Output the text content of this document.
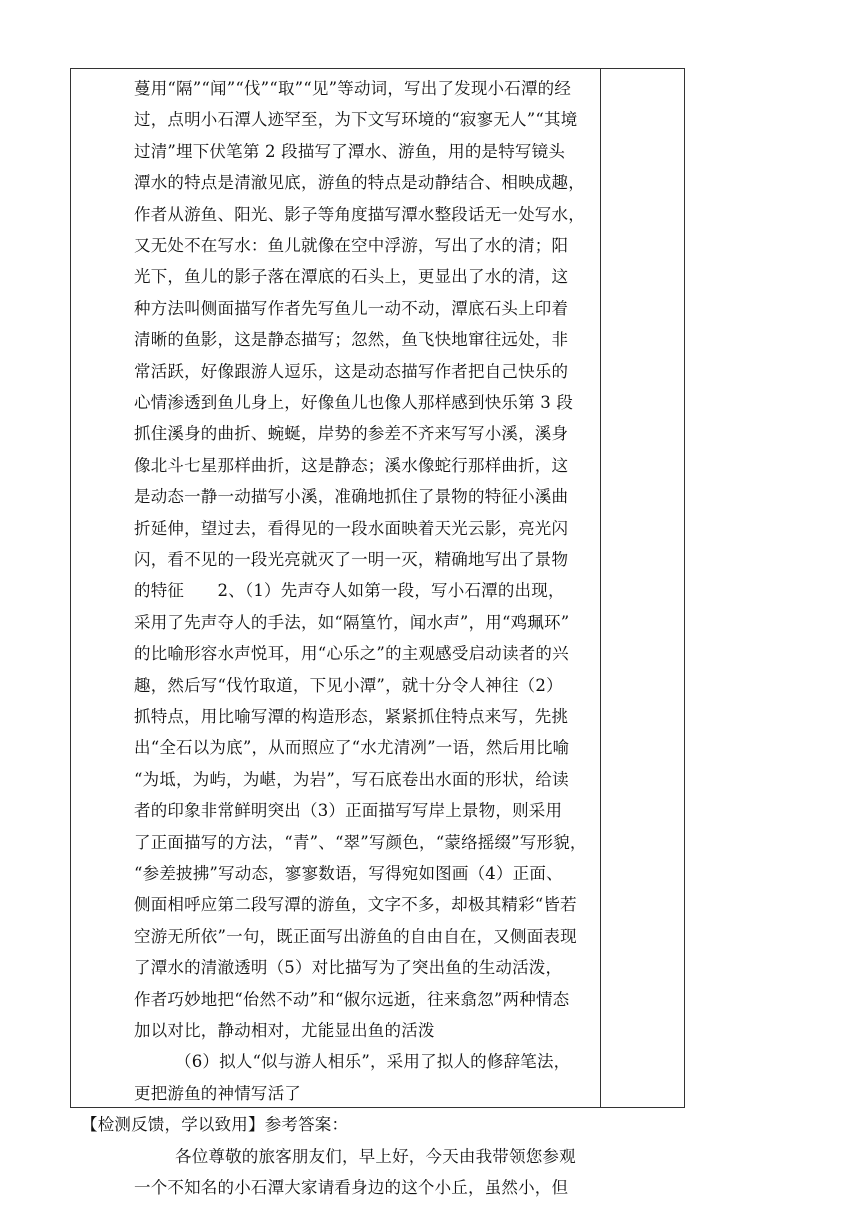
蔓用“隔”“闻”“伐”“取”“见”等动词，写出了发现小石潭的经
过，点明小石潭人迹罕至，为下文写环境的“寂寥无人”“其境
过清”埋下伏笔第 2 段描写了潭水、游鱼，用的是特写镜头
潭水的特点是清澈见底，游鱼的特点是动静结合、相映成趣，
作者从游鱼、阳光、影子等角度描写潭水整段话无一处写水，
又无处不在写水：鱼儿就像在空中浮游，写出了水的清；阳
光下，鱼儿的影子落在潭底的石头上，更显出了水的清，这
种方法叫侧面描写作者先写鱼儿一动不动，潭底石头上印着
清晰的鱼影，这是静态描写；忽然，鱼飞快地窜往远处，非
常活跃，好像跟游人逗乐，这是动态描写作者把自己快乐的
心情渗透到鱼儿身上，好像鱼儿也像人那样感到快乐第 3 段
抓住溪身的曲折、蜿蜒，岸势的参差不齐来写写小溪，溪身
像北斗七星那样曲折，这是静态；溪水像蛇行那样曲折，这
是动态一静一动描写小溪，准确地抓住了景物的特征小溪曲
折延伸，望过去，看得见的一段水面映着天光云影，亮光闪
闪，看不见的一段光亮就灭了一明一灭，精确地写出了景物
的特征　　2、（1）先声夺人如第一段，写小石潭的出现，
采用了先声夺人的手法，如“隔篁竹，闻水声”，用“鸡珮环”
的比喻形容水声悦耳，用“心乐之”的主观感受启动读者的兴
趣，然后写“伐竹取道，下见小潭”，就十分令人神往（2）
抓特点，用比喻写潭的构造形态，紧紧抓住特点来写，先挑
出“全石以为底”，从而照应了“水尤清冽”一语，然后用比喻
“为坻，为屿，为嵁，为岩”，写石底卷出水面的形状，给读
者的印象非常鲜明突出（3）正面描写写岸上景物，则采用
了正面描写的方法，“青”、“翠”写颜色，“蒙络摇缀”写形貌，
“参差披拂”写动态，寥寥数语，写得宛如图画（4）正面、
侧面相呼应第二段写潭的游鱼，文字不多，却极其精彩“皆若
空游无所依”一句，既正面写出游鱼的自由自在，又侧面表现
了潭水的清澈透明（5）对比描写为了突出鱼的生动活泼，
作者巧妙地把“佁然不动”和“俶尔远逝，往来翕忽”两种情态
加以对比，静动相对，尤能显出鱼的活泼
（6）拟人“似与游人相乐”，采用了拟人的修辞笔法，
更把游鱼的神情写活了
【检测反馈，学以致用】参考答案：
各位尊敬的旅客朋友们，早上好，今天由我带领您参观
一个不知名的小石潭大家请看身边的这个小丘，虽然小，但
